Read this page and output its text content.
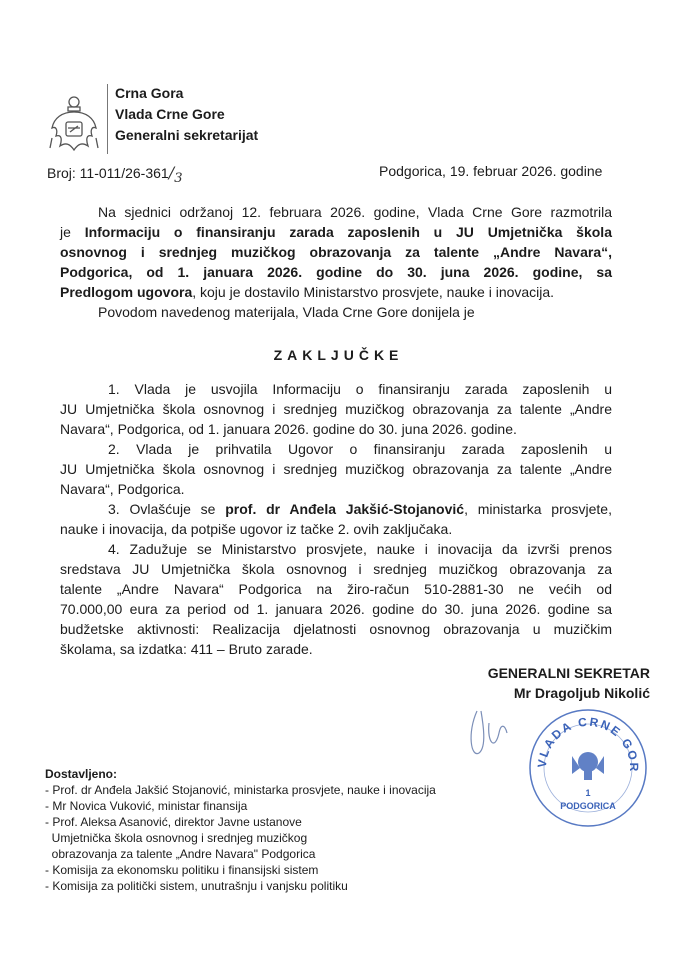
Crna Gora
Vlada Crne Gore
Generalni sekretarijat
Broj: $11-011/26-361/_3$	Podgorica, 19. februar 2026. godine
Na sjednici održanoj 12. februara 2026. godine, Vlada Crne Gore razmotrila
je Informaciju o finansiranju zarada zaposlenih u JU Umjetnička škola
osnovnog i srednjeg muzičkog obrazovanja za talente „Andre Navara“,
Podgorica, od 1. januara 2026. godine do 30. juna 2026. godine, sa
Predlogom ugovora, koju je dostavilo Ministarstvo prosvjete, nauke i inovacija.
Povodom navedenog materijala, Vlada Crne Gore donijela je
ZAKLJUČKE
1. Vlada je usvojila Informaciju o finansiranju zarada zaposlenih u
JU Umjetnička škola osnovnog i srednjeg muzičkog obrazovanja za talente „Andre
Navara“, Podgorica, od 1. januara 2026. godine do 30. juna 2026. godine.
2. Vlada je prihvatila Ugovor o finansiranju zarada zaposlenih u
JU Umjetnička škola osnovnog i srednjeg muzičkog obrazovanja za talente „Andre
Navara“, Podgorica.
3. Ovlašćuje se prof. dr Anđela Jakšić-Stojanović, ministarka prosvjete,
nauke i inovacija, da potpiše ugovor iz tačke 2. ovih zaključaka.
4. Zadužuje se Ministarstvo prosvjete, nauke i inovacija da izvrši prenos
sredstava JU Umjetnička škola osnovnog i srednjeg muzičkog obrazovanja za
talente „Andre Navara“ Podgorica na žiro-račun 510-2881-30 ne većih od
70.000,00 eura za period od 1. januara 2026. godine do 30. juna 2026. godine sa
budžetske aktivnosti: Realizacija djelatnosti osnovnog obrazovanja u muzičkim
školama, sa izdatka: 411 – Bruto zarade.
GENERALNI SEKRETAR
Mr Dragoljub Nikolić
VLADA CRNE GOR
1
PODGORICA
Dostavljeno:
- Prof. dr Anđela Jakšić Stojanović, ministarka prosvjete, nauke i inovacija
- Mr Novica Vuković, ministar finansija
- Prof. Aleksa Asanović, direktor Javne ustanove
Umjetnička škola osnovnog i srednjeg muzičkog
obrazovanja za talente „Andre Navara" Podgorica
- Komisija za ekonomsku politiku i finansijski sistem
- Komisija za politički sistem, unutrašnju i vanjsku politiku
